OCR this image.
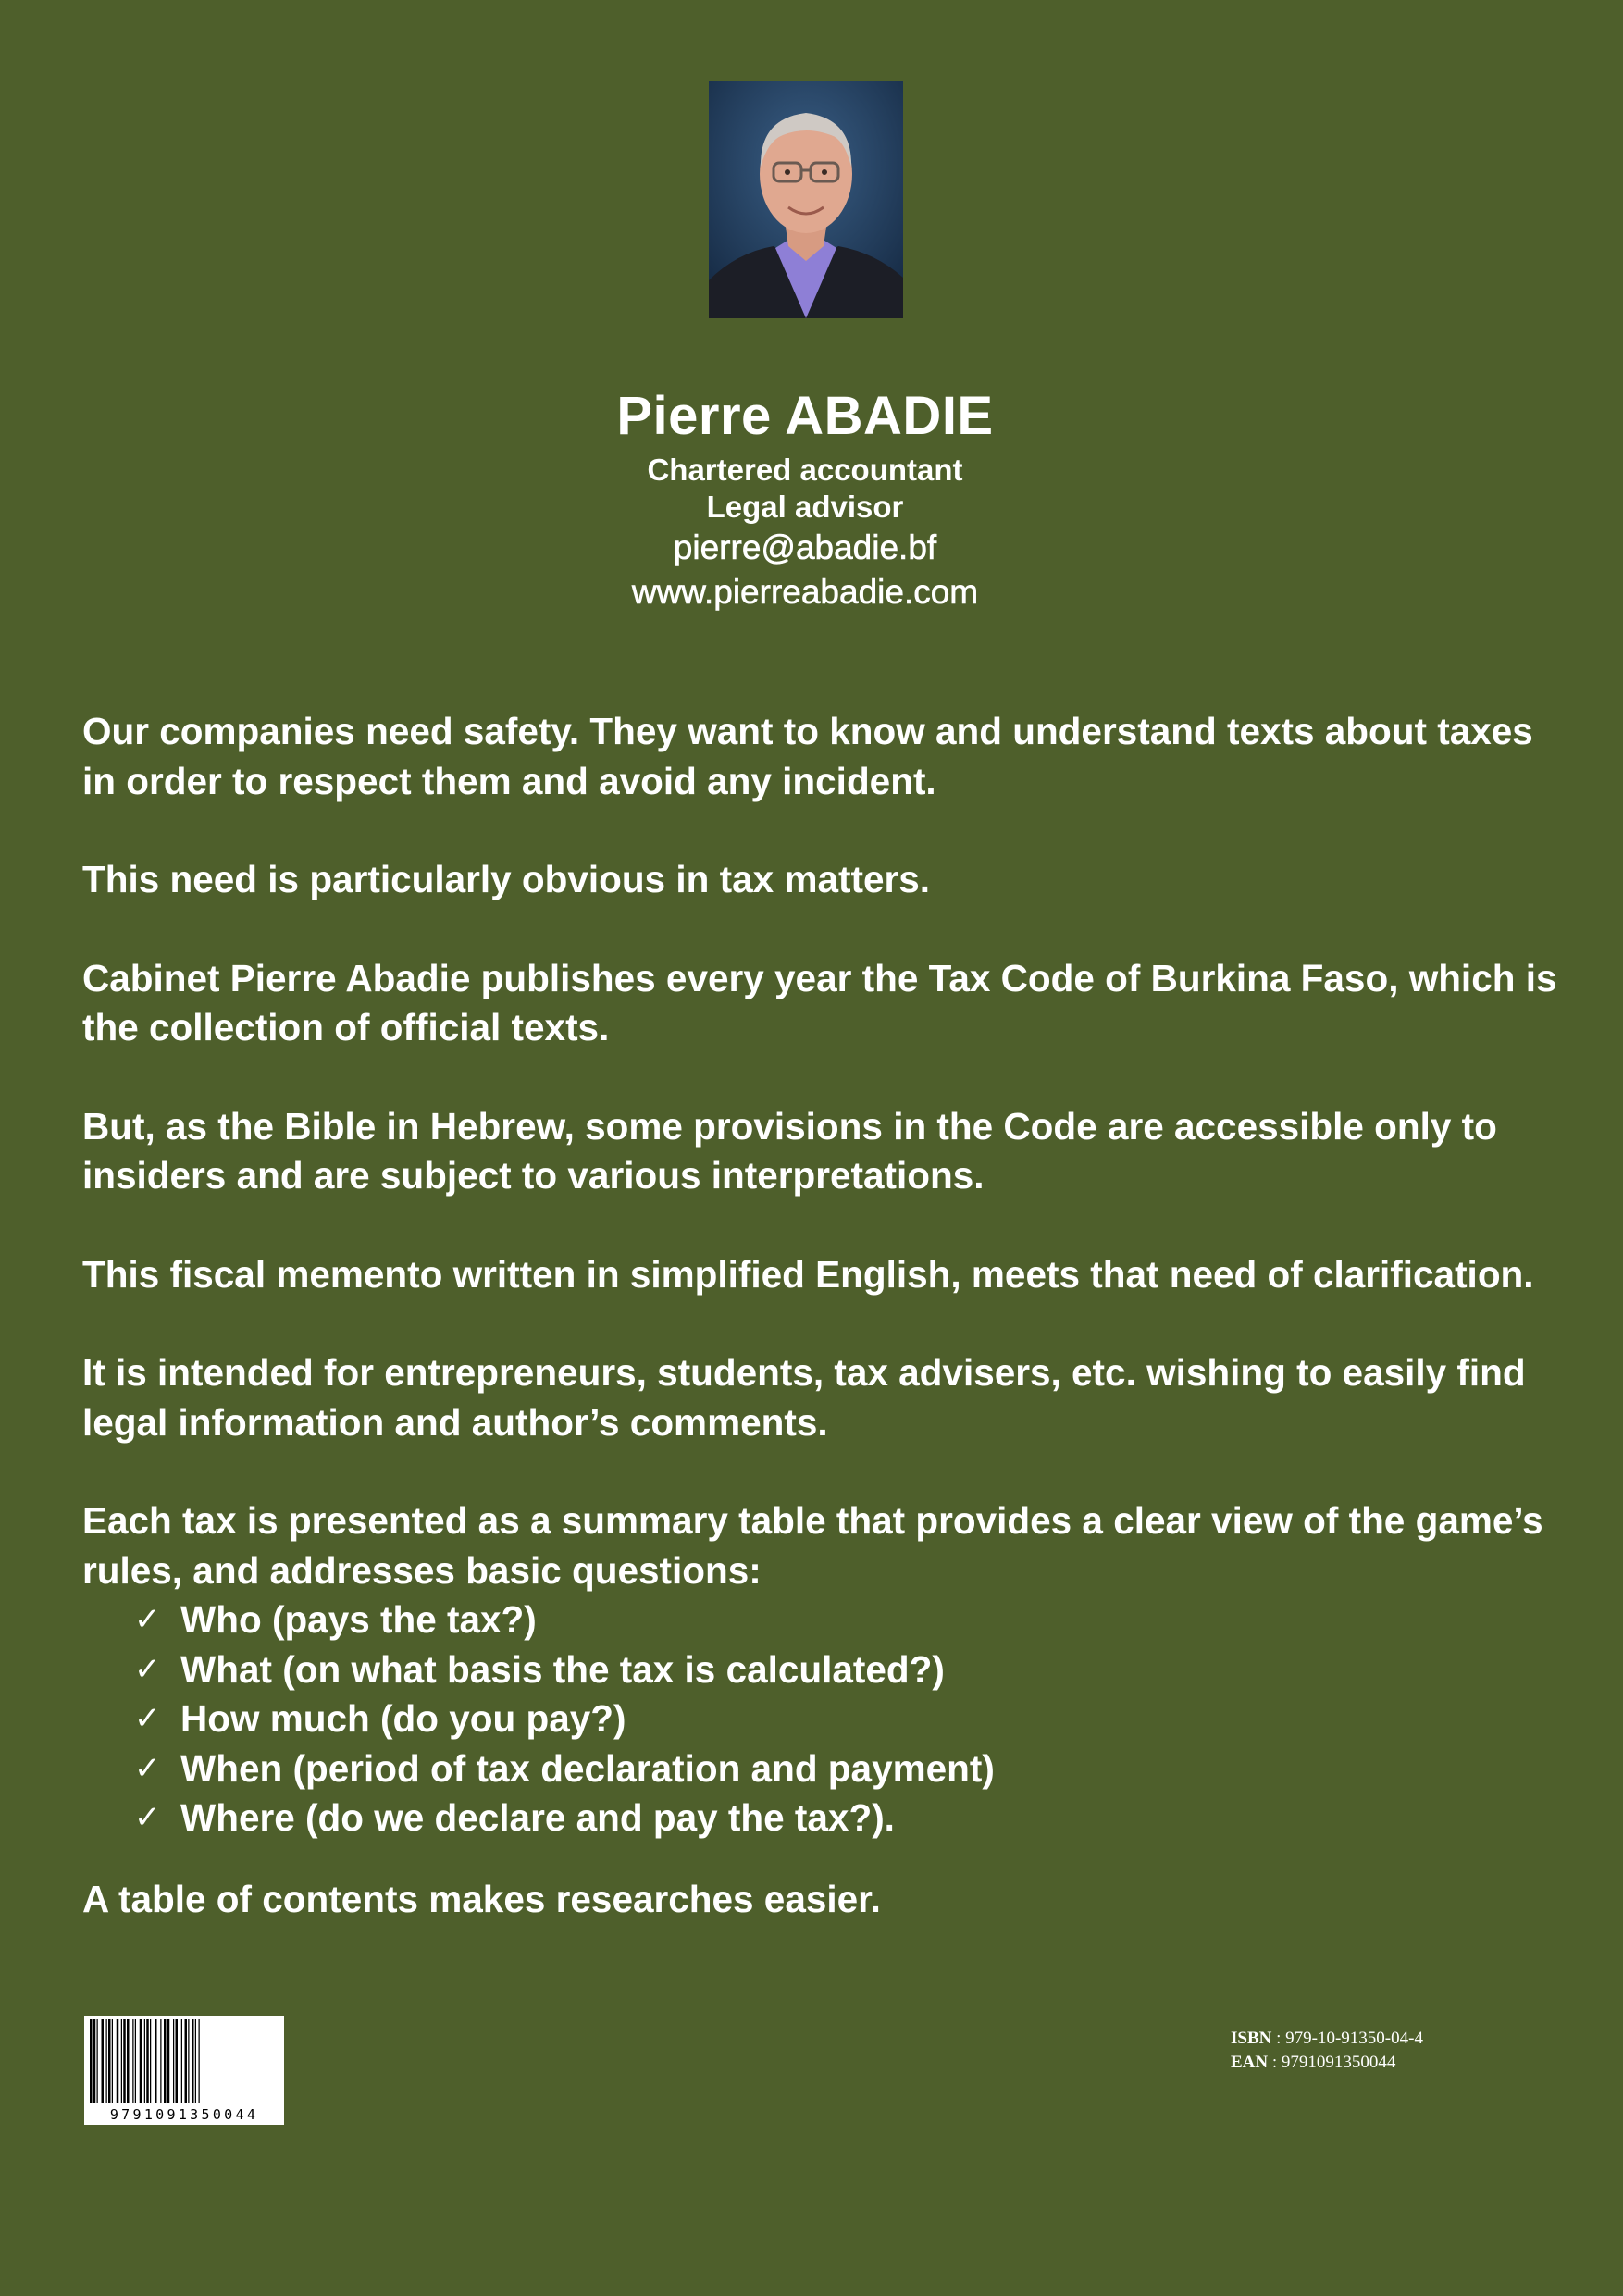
Pierre ABADIE
Chartered accountant
Legal advisor
pierre@abadie.bf
www.pierreabadie.com

Our companies need safety. They want to know and understand texts about taxes in order to respect them and avoid any incident.

This need is particularly obvious in tax matters.

Cabinet Pierre Abadie publishes every year the Tax Code of Burkina Faso, which is the collection of official texts.

But, as the Bible in Hebrew, some provisions in the Code are accessible only to insiders and are subject to various interpretations.

This fiscal memento written in simplified English, meets that need of clarification.

It is intended for entrepreneurs, students, tax advisers, etc. wishing to easily find legal information and author’s comments.

Each tax is presented as a summary table that provides a clear view of the game’s rules, and addresses basic questions:

✓ Who (pays the tax?)
✓ What (on what basis the tax is calculated?)
✓ How much (do you pay?)
✓ When (period of tax declaration and payment)
✓ Where (do we declare and pay the tax?).

A table of contents makes researches easier.

9791091350044
ISBN : 979-10-91350-04-4
EAN : 9791091350044
